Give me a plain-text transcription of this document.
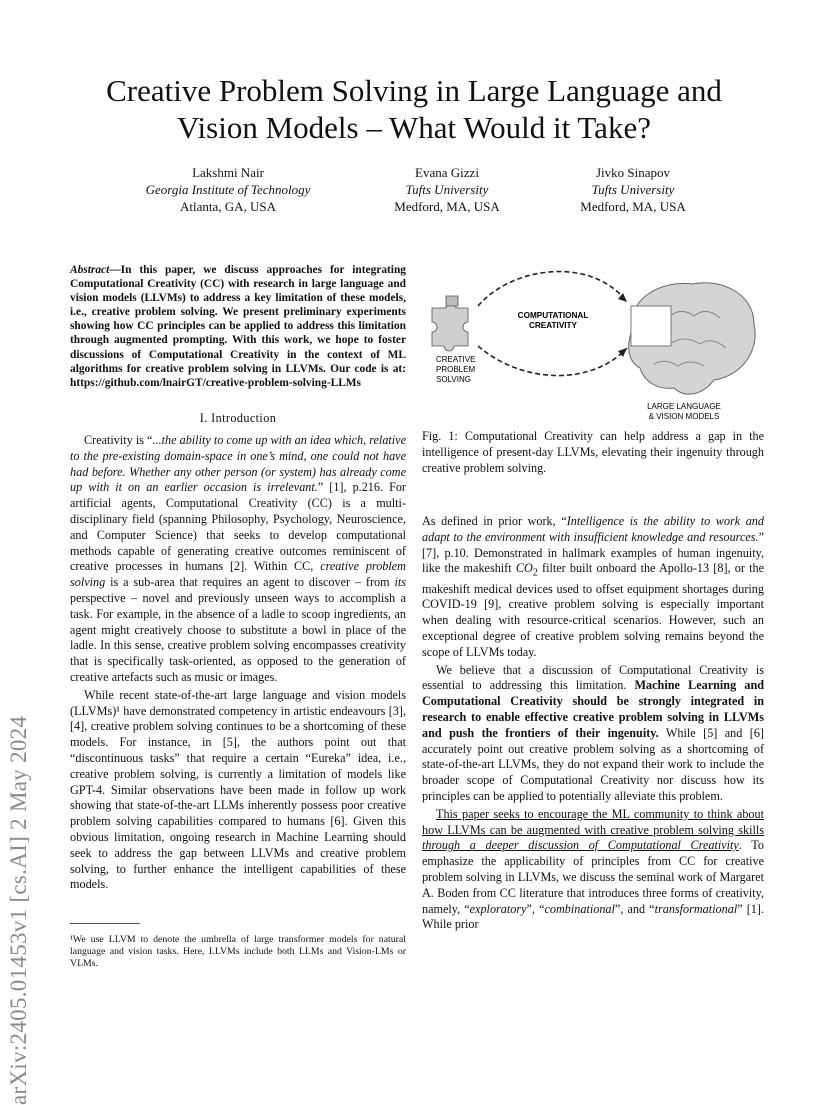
arXiv:2405.01453v1 [cs.AI] 2 May 2024
Creative Problem Solving in Large Language and
Vision Models – What Would it Take?
Lakshmi Nair
Georgia Institute of Technology
Atlanta, GA, USA
Evana Gizzi
Tufts University
Medford, MA, USA
Jivko Sinapov
Tufts University
Medford, MA, USA
Abstract—In this paper, we discuss approaches for integrating Computational Creativity (CC) with research in large language and vision models (LLVMs) to address a key limitation of these models, i.e., creative problem solving. We present preliminary experiments showing how CC principles can be applied to address this limitation through augmented prompting. With this work, we hope to foster discussions of Computational Creativity in the context of ML algorithms for creative problem solving in LLVMs. Our code is at: https://github.com/lnairGT/creative-problem-solving-LLMs
I. Introduction

Creativity is “...the ability to come up with an idea which, relative to the pre-existing domain-space in one’s mind, one could not have had before. Whether any other person (or system) has already come up with it on an earlier occasion is irrelevant.” [1], p.216. For artificial agents, Computational Creativity (CC) is a multi-disciplinary field (spanning Philosophy, Psychology, Neuroscience, and Computer Science) that seeks to develop computational methods capable of generating creative outcomes reminiscent of creative processes in humans [2]. Within CC, creative problem solving is a sub-area that requires an agent to discover – from its perspective – novel and previously unseen ways to accomplish a task. For example, in the absence of a ladle to scoop ingredients, an agent might creatively choose to substitute a bowl in place of the ladle. In this sense, creative problem solving encompasses creativity that is specifically task-oriented, as opposed to the generation of creative artefacts such as music or images.

While recent state-of-the-art large language and vision models (LLVMs)¹ have demonstrated competency in artistic endeavours [3], [4], creative problem solving continues to be a shortcoming of these models. For instance, in [5], the authors point out that “discontinuous tasks” that require a certain “Eureka” idea, i.e., creative problem solving, is currently a limitation of models like GPT-4. Similar observations have been made in follow up work showing that state-of-the-art LLMs inherently possess poor creative problem solving capabilities compared to humans [6]. Given this obvious limitation, ongoing research in Machine Learning should seek to address the gap between LLVMs and creative problem solving, to further enhance the intelligent capabilities of these models.

¹We use LLVM to denote the umbrella of large transformer models for natural language and vision tasks. Here, LLVMs include both LLMs and Vision-LMs or VLMs.
COMPUTATIONAL
CREATIVITY
CREATIVE
PROBLEM
SOLVING
LARGE LANGUAGE
& VISION MODELS
Fig. 1: Computational Creativity can help address a gap in the intelligence of present-day LLVMs, elevating their ingenuity through creative problem solving.

As defined in prior work, “Intelligence is the ability to work and adapt to the environment with insufficient knowledge and resources.” [7], p.10. Demonstrated in hallmark examples of human ingenuity, like the makeshift $CO_2$ filter built onboard the Apollo-13 [8], or the makeshift medical devices used to offset equipment shortages during COVID-19 [9], creative problem solving is especially important when dealing with resource-critical scenarios. However, such an exceptional degree of creative problem solving remains beyond the scope of LLVMs today.

We believe that a discussion of Computational Creativity is essential to addressing this limitation. Machine Learning and Computational Creativity should be strongly integrated in research to enable effective creative problem solving in LLVMs and push the frontiers of their ingenuity. While [5] and [6] accurately point out creative problem solving as a shortcoming of state-of-the-art LLVMs, they do not expand their work to include the broader scope of Computational Creativity nor discuss how its principles can be applied to potentially alleviate this problem.

This paper seeks to encourage the ML community to think about how LLVMs can be augmented with creative problem solving skills through a deeper discussion of Computational Creativity. To emphasize the applicability of principles from CC for creative problem solving in LLVMs, we discuss the seminal work of Margaret A. Boden from CC literature that introduces three forms of creativity, namely, “exploratory”, “combinational”, and “transformational” [1]. While prior
